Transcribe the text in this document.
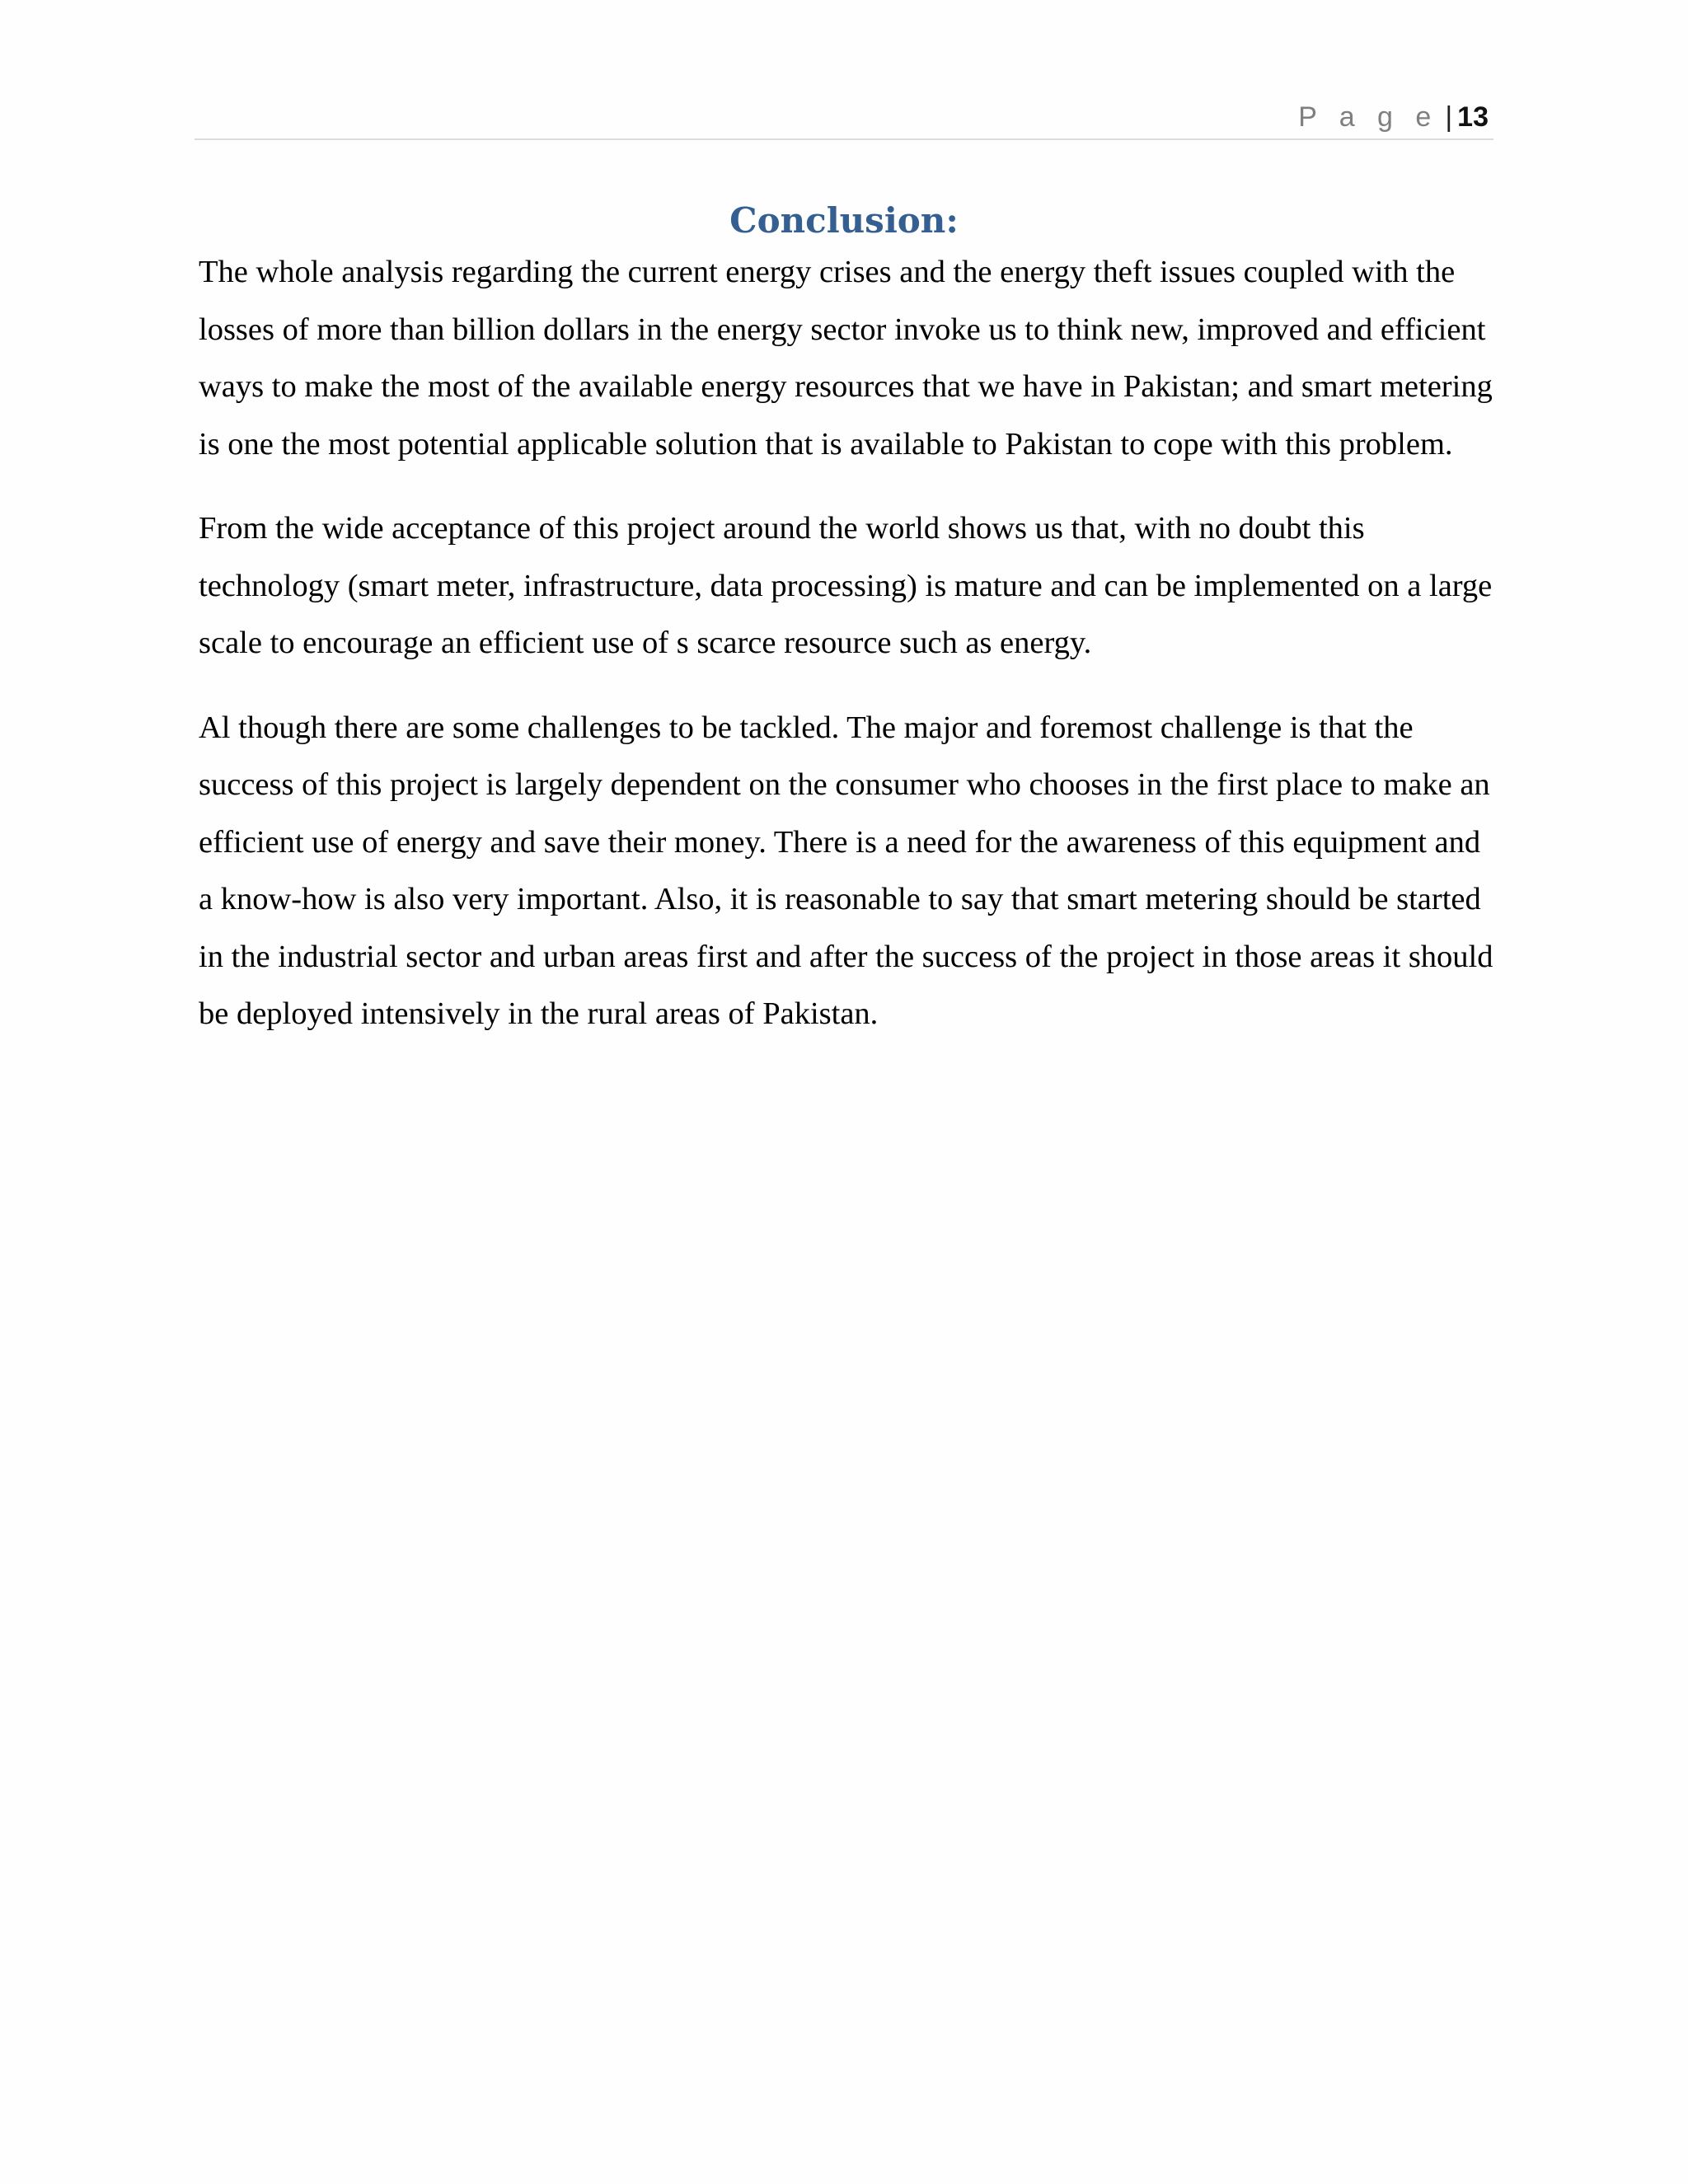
P a g e | 13
Conclusion:

The whole analysis regarding the current energy crises and the energy theft issues coupled with the losses of more than billion dollars in the energy sector invoke us to think new, improved and efficient ways to make the most of the available energy resources that we have in Pakistan; and smart metering is one the most potential applicable solution that is available to Pakistan to cope with this problem.

From the wide acceptance of this project around the world shows us that, with no doubt this technology (smart meter, infrastructure, data processing) is mature and can be implemented on a large scale to encourage an efficient use of s scarce resource such as energy.

Al though there are some challenges to be tackled. The major and foremost challenge is that the success of this project is largely dependent on the consumer who chooses in the first place to make an efficient use of energy and save their money. There is a need for the awareness of this equipment and a know-how is also very important. Also, it is reasonable to say that smart metering should be started in the industrial sector and urban areas first and after the success of the project in those areas it should be deployed intensively in the rural areas of Pakistan.
